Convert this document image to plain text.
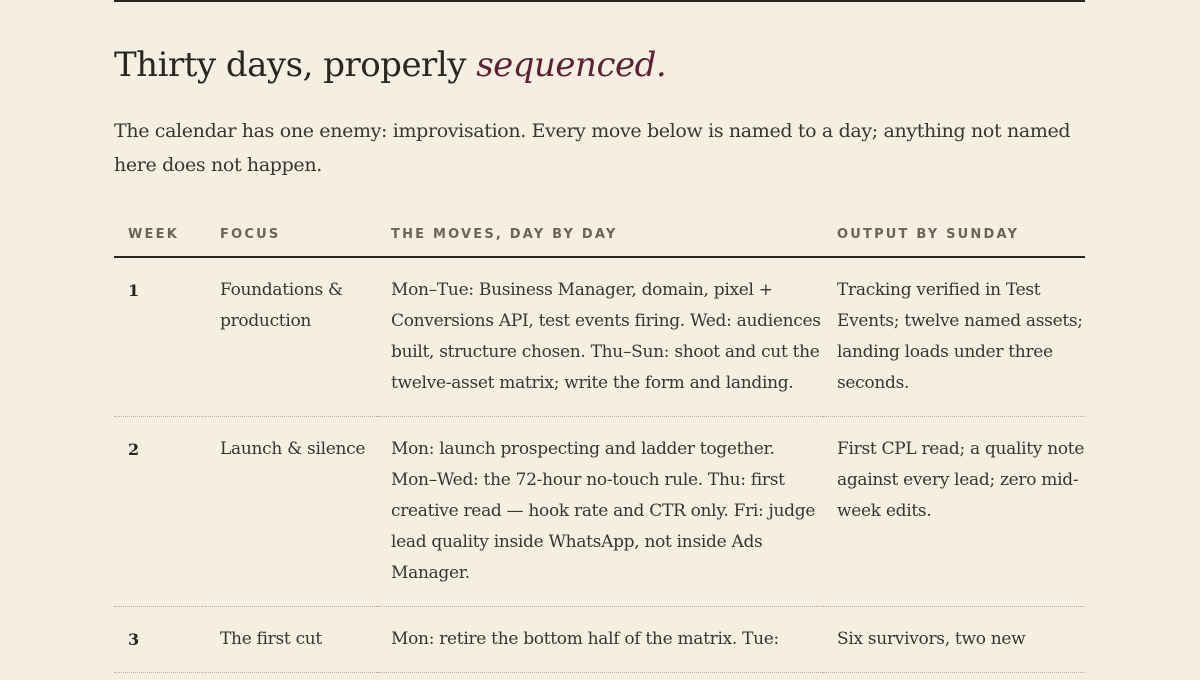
Thirty days, properly sequenced.

The calendar has one enemy: improvisation. Every move below is named to a day; anything not named here does not happen.

WEEK	FOCUS	THE MOVES, DAY BY DAY	OUTPUT BY SUNDAY
1	Foundations & production	Mon–Tue: Business Manager, domain, pixel + Conversions API, test events firing. Wed: audiences built, structure chosen. Thu–Sun: shoot and cut the twelve-asset matrix; write the form and landing.	Tracking verified in Test Events; twelve named assets; landing loads under three seconds.
2	Launch & silence	Mon: launch prospecting and ladder together. Mon–Wed: the 72-hour no-touch rule. Thu: first creative read — hook rate and CTR only. Fri: judge lead quality inside WhatsApp, not inside Ads Manager.	First CPL read; a quality note against every lead; zero mid-week edits.
3	The first cut	Mon: retire the bottom half of the matrix. Tue:	Six survivors, two new
